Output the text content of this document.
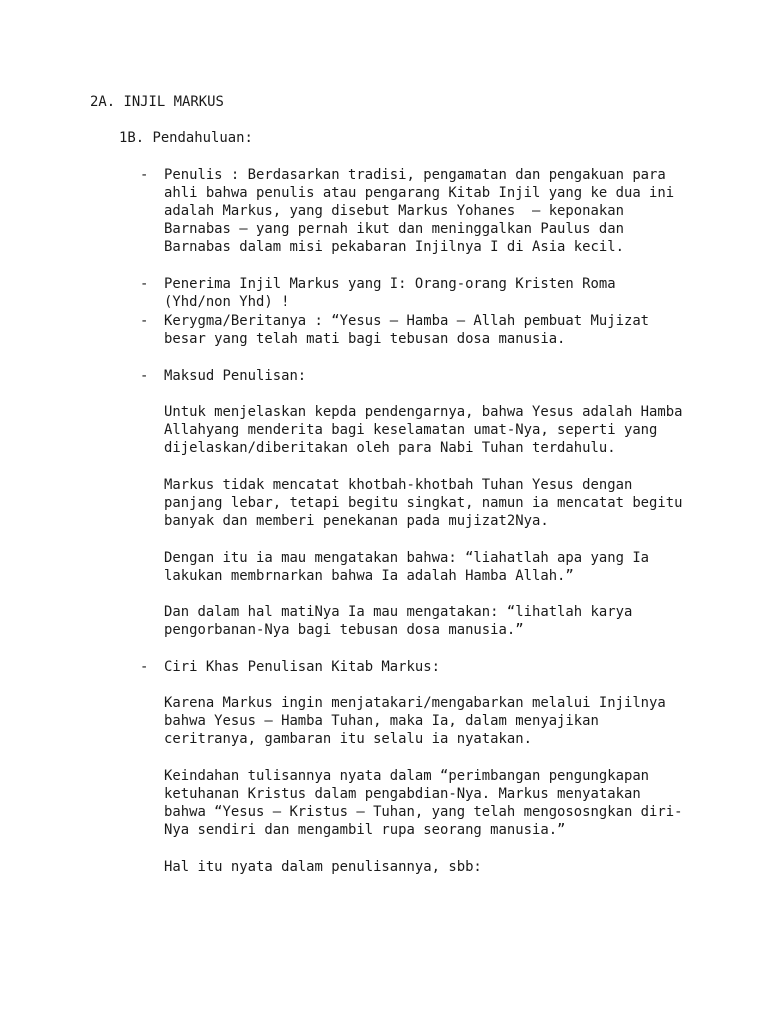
2A. INJIL MARKUS
1B. Pendahuluan:
- Penulis : Berdasarkan tradisi, pengamatan dan pengakuan para
ahli bahwa penulis atau pengarang Kitab Injil yang ke dua ini
adalah Markus, yang disebut Markus Yohanes  – keponakan
Barnabas – yang pernah ikut dan meninggalkan Paulus dan
Barnabas dalam misi pekabaran Injilnya I di Asia kecil.
- Penerima Injil Markus yang I: Orang-orang Kristen Roma
(Yhd/non Yhd) !
- Kerygma/Beritanya : “Yesus – Hamba – Allah pembuat Mujizat
besar yang telah mati bagi tebusan dosa manusia.
- Maksud Penulisan:
Untuk menjelaskan kepda pendengarnya, bahwa Yesus adalah Hamba
Allahyang menderita bagi keselamatan umat-Nya, seperti yang
dijelaskan/diberitakan oleh para Nabi Tuhan terdahulu.
Markus tidak mencatat khotbah-khotbah Tuhan Yesus dengan
panjang lebar, tetapi begitu singkat, namun ia mencatat begitu
banyak dan memberi penekanan pada mujizat2Nya.
Dengan itu ia mau mengatakan bahwa: “liahatlah apa yang Ia
lakukan membrnarkan bahwa Ia adalah Hamba Allah.”
Dan dalam hal matiNya Ia mau mengatakan: “lihatlah karya
pengorbanan-Nya bagi tebusan dosa manusia.”
- Ciri Khas Penulisan Kitab Markus:
Karena Markus ingin menjatakari/mengabarkan melalui Injilnya
bahwa Yesus – Hamba Tuhan, maka Ia, dalam menyajikan
ceritranya, gambaran itu selalu ia nyatakan.
Keindahan tulisannya nyata dalam “perimbangan pengungkapan
ketuhanan Kristus dalam pengabdian-Nya. Markus menyatakan
bahwa “Yesus – Kristus – Tuhan, yang telah mengososngkan diri-
Nya sendiri dan mengambil rupa seorang manusia.”
Hal itu nyata dalam penulisannya, sbb:
